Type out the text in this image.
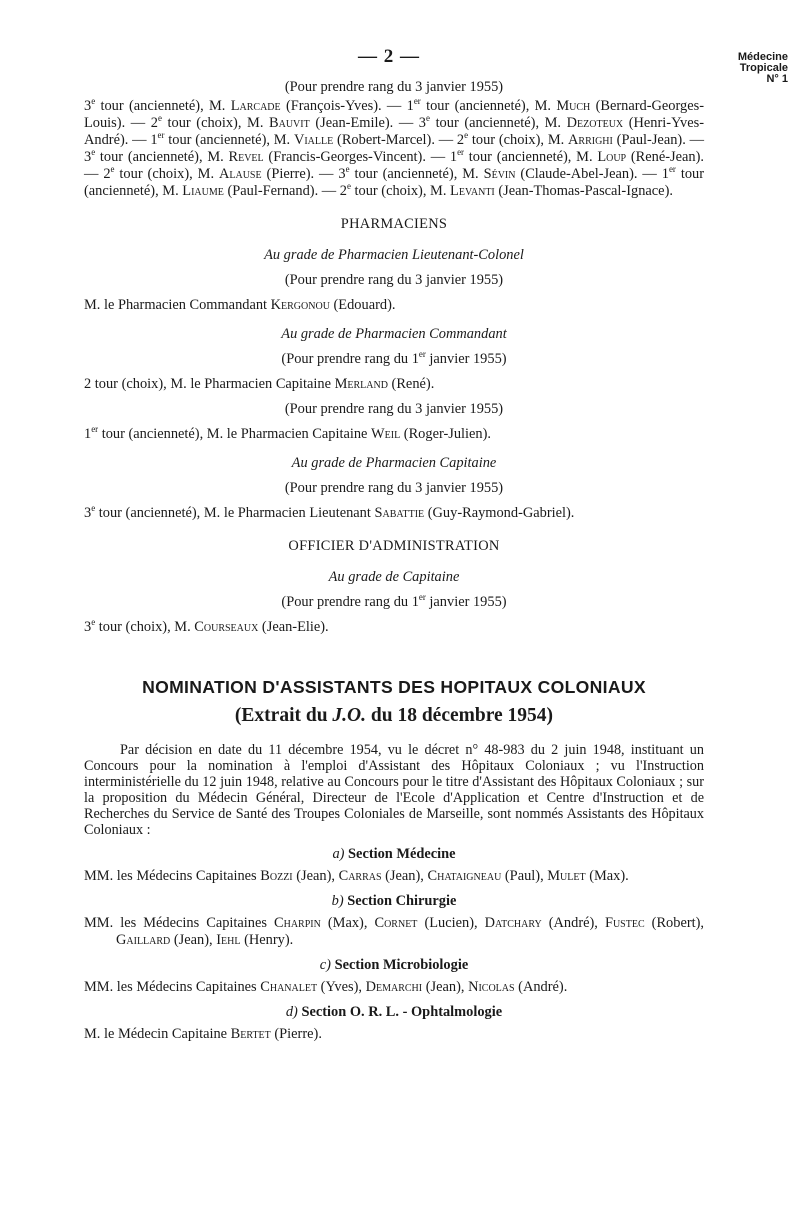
— 2 —	Médecine
Tropicale
N° 1

(Pour prendre rang du 3 janvier 1955)

3e tour (ancienneté), M. Larcade (François-Yves). — 1er tour (ancienneté), M. Much (Bernard-Georges-Louis). — 2e tour (choix), M. Bauvit (Jean-Emile). — 3e tour (ancienneté), M. Dezoteux (Henri-Yves-André). — 1er tour (ancienneté), M. Vialle (Robert-Marcel). — 2e tour (choix), M. Arrighi (Paul-Jean). — 3e tour (ancienneté), M. Revel (Francis-Georges-Vincent). — 1er tour (ancienneté), M. Loup (René-Jean). — 2e tour (choix), M. Alause (Pierre). — 3e tour (ancienneté), M. Sévin (Claude-Abel-Jean). — 1er tour (ancienneté), M. Liaume (Paul-Fernand). — 2e tour (choix), M. Levanti (Jean-Thomas-Pascal-Ignace).

PHARMACIENS

Au grade de Pharmacien Lieutenant-Colonel

(Pour prendre rang du 3 janvier 1955)

M. le Pharmacien Commandant Kergonou (Edouard).

Au grade de Pharmacien Commandant

(Pour prendre rang du 1er janvier 1955)

2 tour (choix), M. le Pharmacien Capitaine Merland (René).

(Pour prendre rang du 3 janvier 1955)

1er tour (ancienneté), M. le Pharmacien Capitaine Weil (Roger-Julien).

Au grade de Pharmacien Capitaine

(Pour prendre rang du 3 janvier 1955)

3e tour (ancienneté), M. le Pharmacien Lieutenant Sabattie (Guy-Raymond-Gabriel).

OFFICIER D'ADMINISTRATION

Au grade de Capitaine

(Pour prendre rang du 1er janvier 1955)

3e tour (choix), M. Courseaux (Jean-Elie).

NOMINATION D'ASSISTANTS DES HOPITAUX COLONIAUX

(Extrait du J.O. du 18 décembre 1954)

Par décision en date du 11 décembre 1954, vu le décret n° 48-983 du 2 juin 1948, instituant un Concours pour la nomination à l'emploi d'Assistant des Hôpitaux Coloniaux ; vu l'Instruction interministérielle du 12 juin 1948, relative au Concours pour le titre d'Assistant des Hôpitaux Coloniaux ; sur la proposition du Médecin Général, Directeur de l'Ecole d'Application et Centre d'Instruction et de Recherches du Service de Santé des Troupes Coloniales de Marseille, sont nommés Assistants des Hôpitaux Coloniaux :

a) Section Médecine

MM. les Médecins Capitaines Bozzi (Jean), Carras (Jean), Chataigneau (Paul), Mulet (Max).

b) Section Chirurgie

MM. les Médecins Capitaines Charpin (Max), Cornet (Lucien), Datchary (André), Fustec (Robert), Gaillard (Jean), Iehl (Henry).

c) Section Microbiologie

MM. les Médecins Capitaines Chanalet (Yves), Demarchi (Jean), Nicolas (André).

d) Section O. R. L. - Ophtalmologie

M. le Médecin Capitaine Bertet (Pierre).
